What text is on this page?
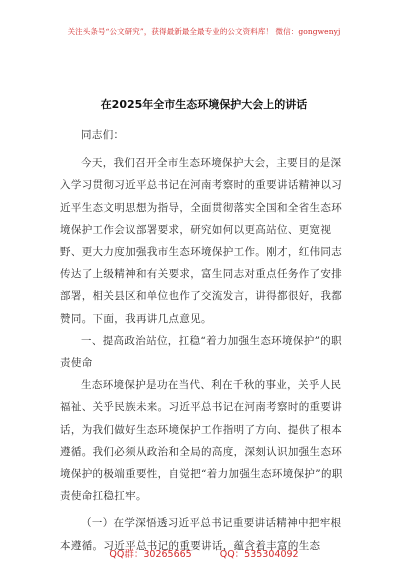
关注头条号“公文研究”，获得最新最全最专业的公文资料库！ 微信：gongwenyj
在2025年全市生态环境保护大会上的讲话

同志们：

今天，我们召开全市生态环境保护大会，主要目的是深入学习贯彻习近平总书记在河南考察时的重要讲话精神以习近平生态文明思想为指导，全面贯彻落实全国和全省生态环境保护工作会议部署要求，研究如何以更高站位、更宽视野、更大力度加强我市生态环境保护工作。刚才，红伟同志传达了上级精神和有关要求，富生同志对重点任务作了安排部署，相关县区和单位也作了交流发言，讲得都很好，我都赞同。下面，我再讲几点意见。

一、提高政治站位，扛稳“着力加强生态环境保护”的职责使命

生态环境保护是功在当代、利在千秋的事业，关乎人民福祉、关乎民族未来。习近平总书记在河南考察时的重要讲话，为我们做好生态环境保护工作指明了方向、提供了根本遵循。我们必须从政治和全局的高度，深刻认识加强生态环境保护的极端重要性，自觉把“着力加强生态环境保护”的职责使命扛稳扛牢。

（一）在学深悟透习近平总书记重要讲话精神中把牢根本遵循。习近平总书记的重要讲话，蕴含着丰富的生态

QQ群：30265665	QQ：535304092
